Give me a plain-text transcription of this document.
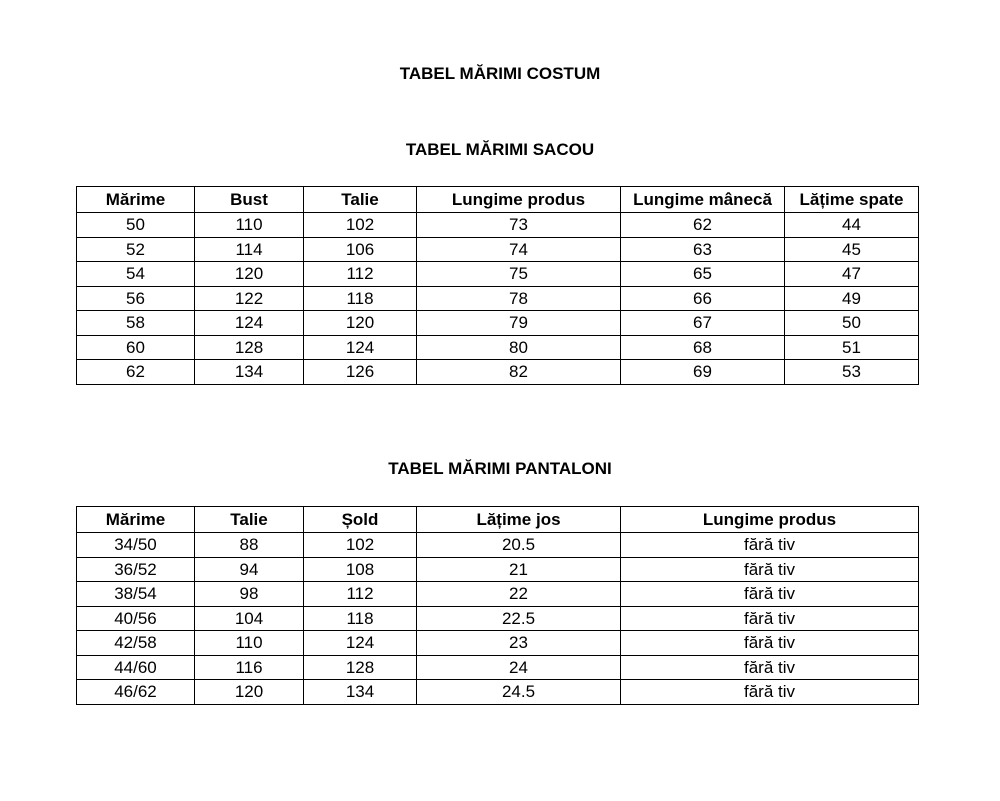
TABEL MĂRIMI COSTUM
TABEL MĂRIMI SACOU
Mărime	Bust	Talie	Lungime produs	Lungime mânecă	Lățime spate
50	110	102	73	62	44
52	114	106	74	63	45
54	120	112	75	65	47
56	122	118	78	66	49
58	124	120	79	67	50
60	128	124	80	68	51
62	134	126	82	69	53
TABEL MĂRIMI PANTALONI
Mărime	Talie	Șold	Lățime jos	Lungime produs
34/50	88	102	20.5	fără tiv
36/52	94	108	21	fără tiv
38/54	98	112	22	fără tiv
40/56	104	118	22.5	fără tiv
42/58	110	124	23	fără tiv
44/60	116	128	24	fără tiv
46/62	120	134	24.5	fără tiv
